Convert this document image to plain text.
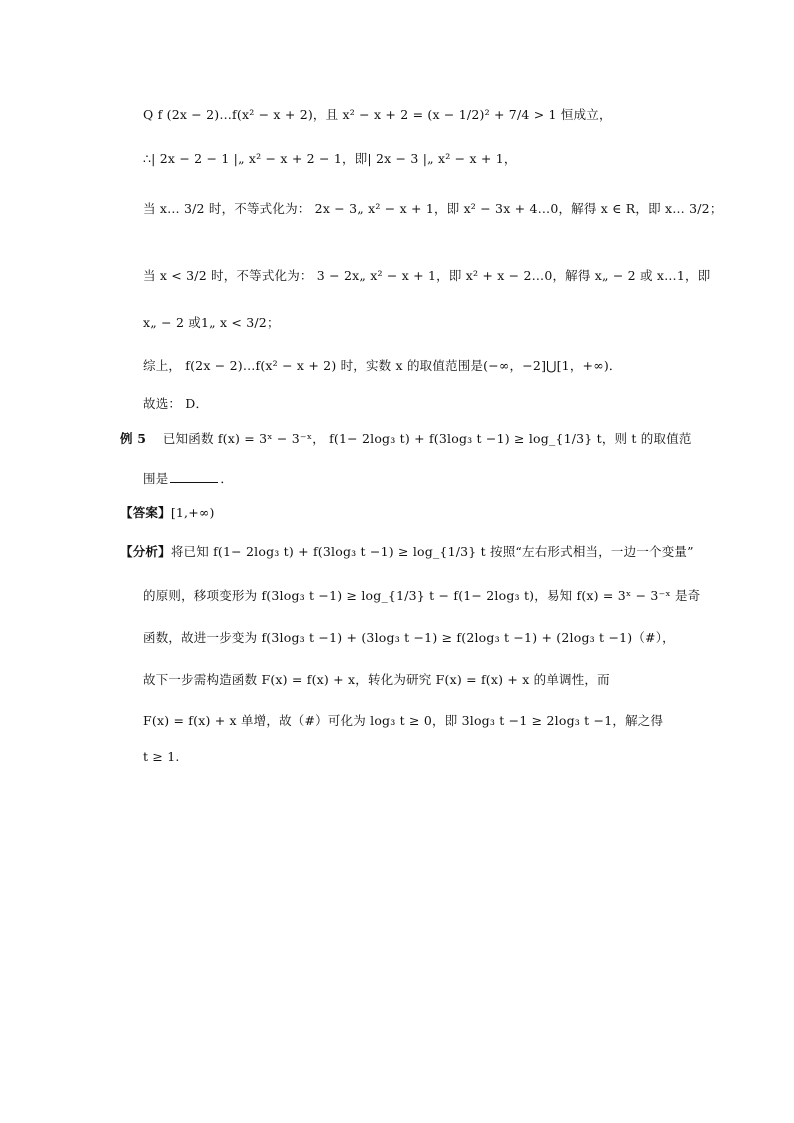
Q f (2x − 2)…f(x² − x + 2)，且 x² − x + 2 = (x − 1/2)² + 7/4 > 1 恒成立，
∴| 2x − 2 − 1 |„ x² − x + 2 − 1，即| 2x − 3 |„ x² − x + 1，
当 x… 3/2 时，不等式化为： 2x − 3„ x² − x + 1，即 x² − 3x + 4…0，解得 x ∈ R，即 x… 3/2；
当 x < 3/2 时，不等式化为： 3 − 2x„ x² − x + 1，即 x² + x − 2…0，解得 x„ − 2 或 x…1，即
x„ − 2 或1„ x < 3/2；
综上， f(2x − 2)…f(x² − x + 2) 时，实数 x 的取值范围是(−∞，−2]⋃[1，+∞)．
故选： D．
例 5 已知函数 f(x) = 3ˣ − 3⁻ˣ， f(1− 2log₃ t) + f(3log₃ t −1) ≥ log_{1/3} t，则 t 的取值范
围是	．
【答案】[1,+∞)
【分析】将已知 f(1− 2log₃ t) + f(3log₃ t −1) ≥ log_{1/3} t 按照“左右形式相当，一边一个变量”
的原则，移项变形为 f(3log₃ t −1) ≥ log_{1/3} t − f(1− 2log₃ t)，易知 f(x) = 3ˣ − 3⁻ˣ 是奇
函数，故进一步变为 f(3log₃ t −1) + (3log₃ t −1) ≥ f(2log₃ t −1) + (2log₃ t −1)（#），
故下一步需构造函数 F(x) = f(x) + x，转化为研究 F(x) = f(x) + x 的单调性，而
F(x) = f(x) + x 单增，故（#）可化为 log₃ t ≥ 0，即 3log₃ t −1 ≥ 2log₃ t −1，解之得
t ≥ 1.
